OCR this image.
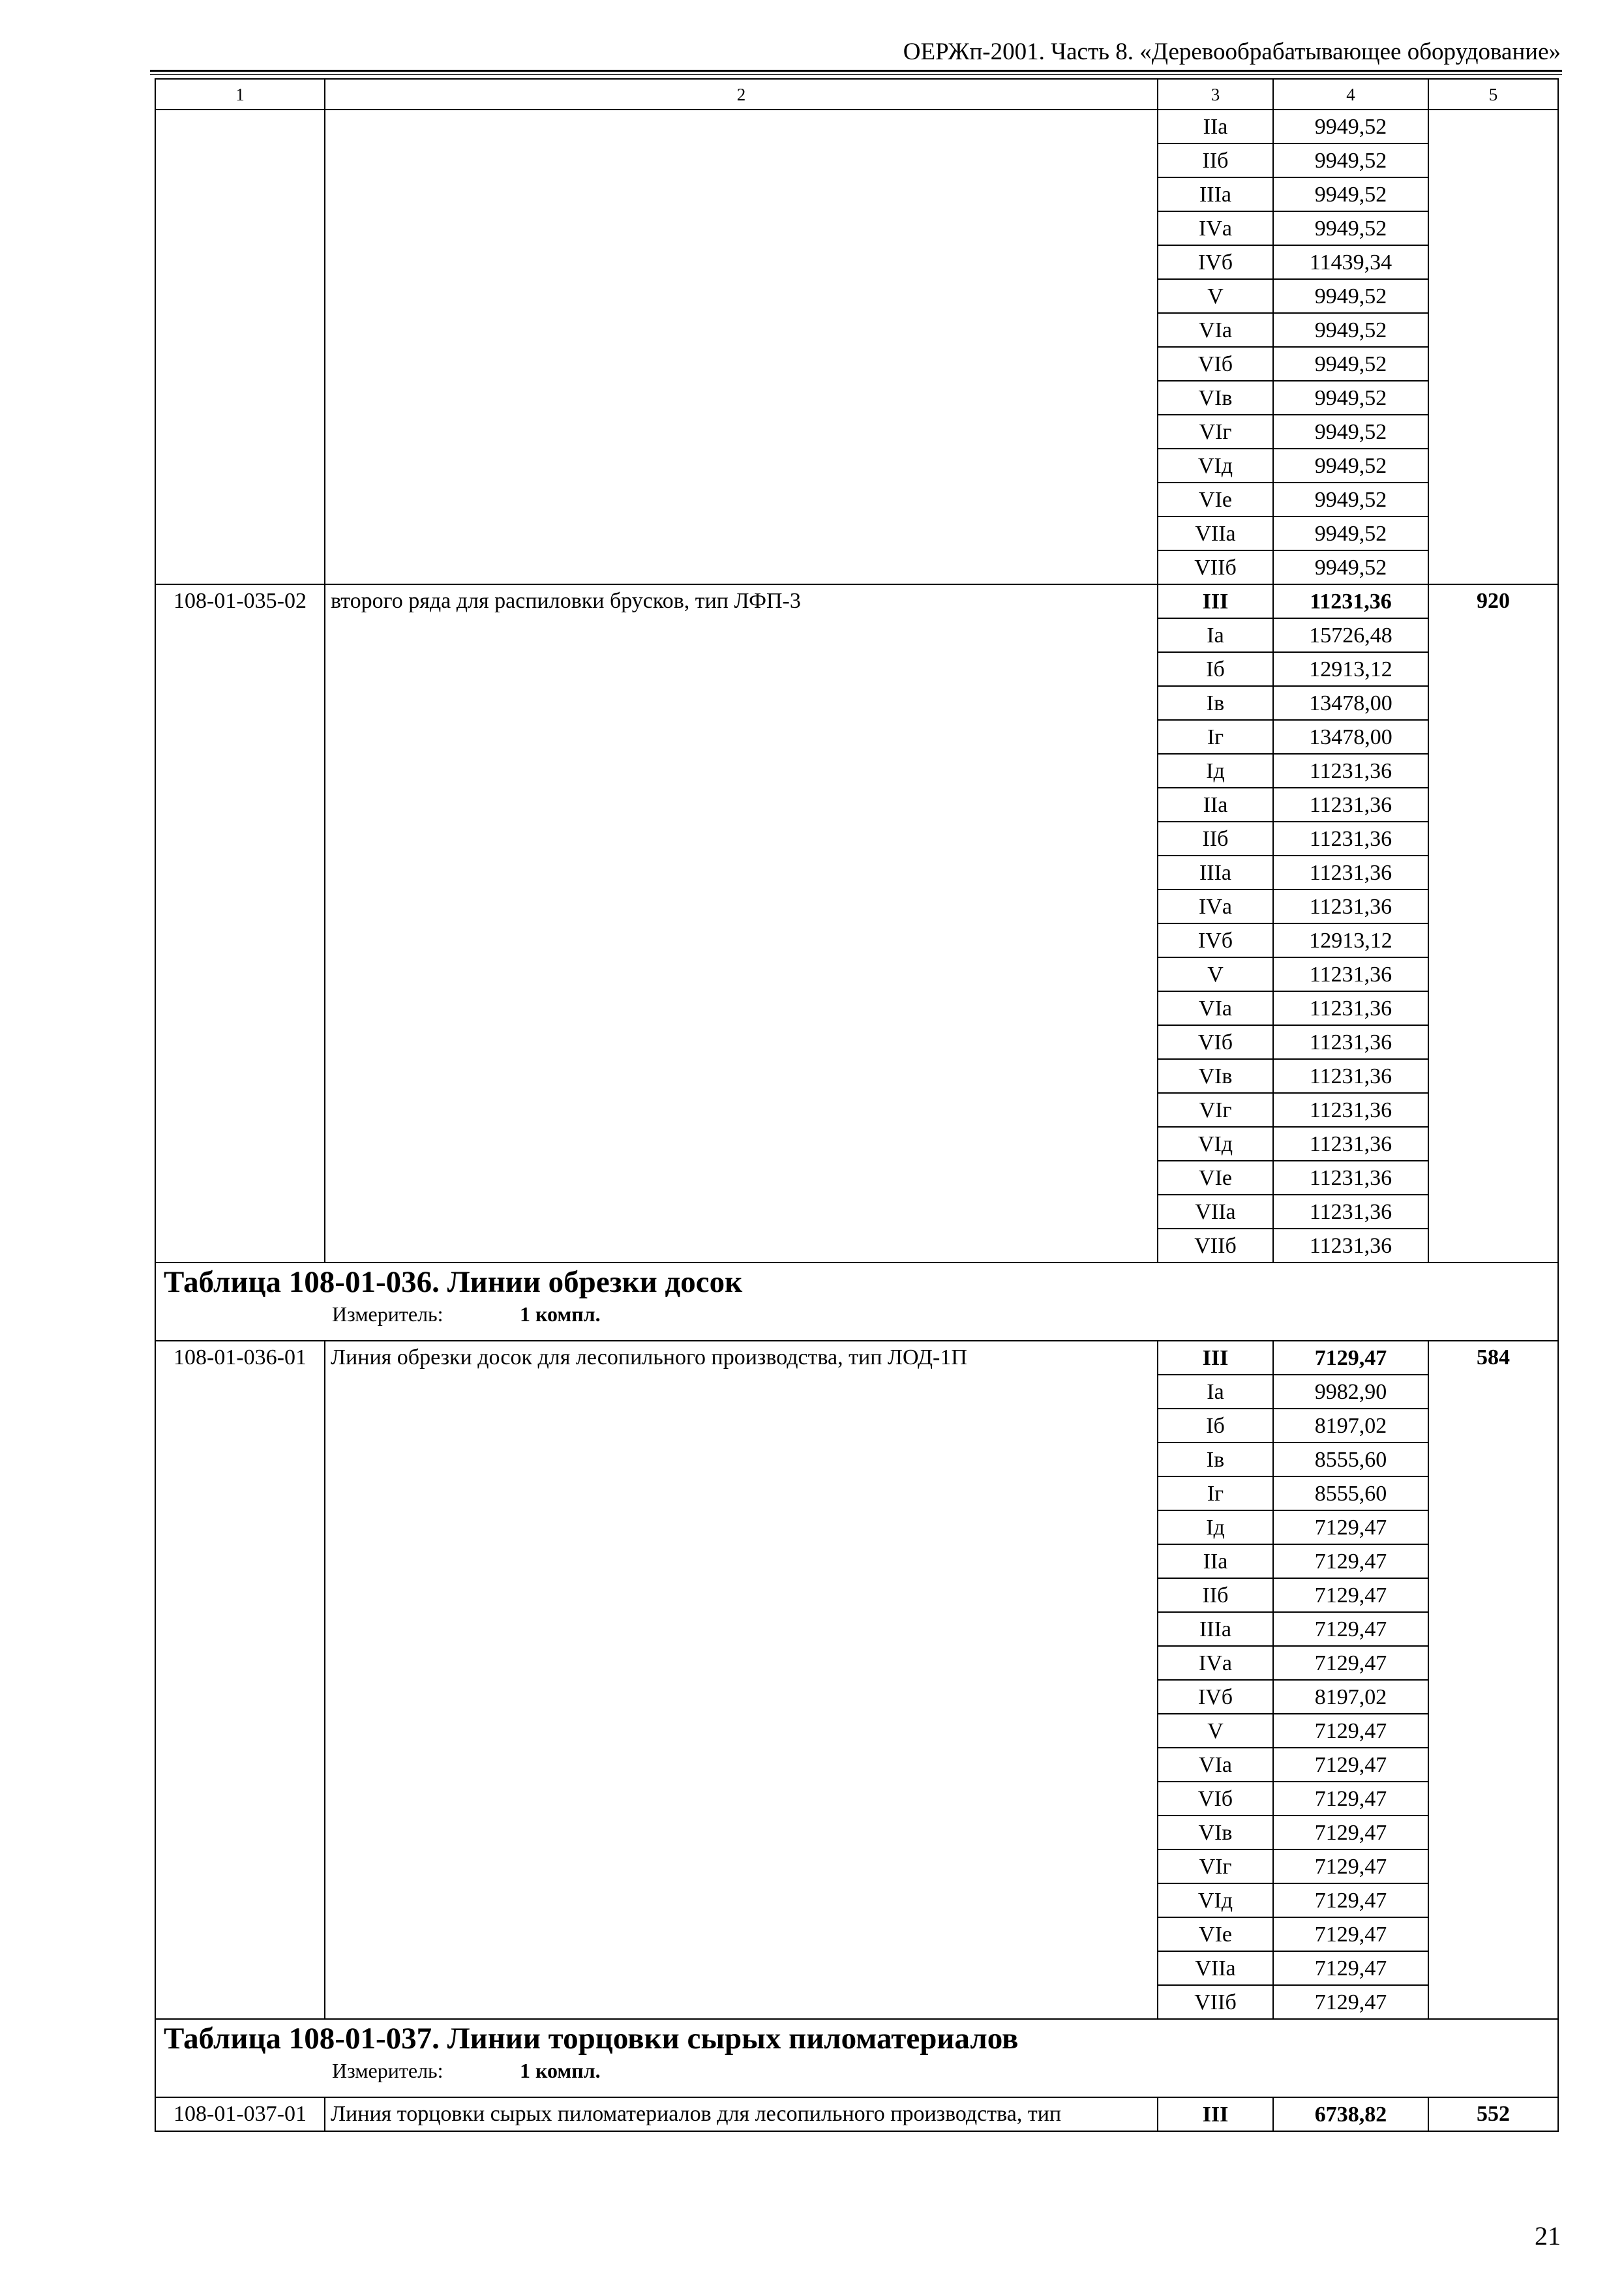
ОЕРЖп-2001. Часть 8. «Деревообрабатывающее оборудование»
1	2	3	4	5
		IIа	9949,52	
		IIб	9949,52	
		IIIа	9949,52	
		IVа	9949,52	
		IVб	11439,34	
		V	9949,52	
		VIа	9949,52	
		VIб	9949,52	
		VIв	9949,52	
		VIг	9949,52	
		VIд	9949,52	
		VIе	9949,52	
		VIIа	9949,52	
		VIIб	9949,52	
108-01-035-02	второго ряда для распиловки брусков, тип ЛФП-3	III	11231,36	920
		Iа	15726,48	
		Iб	12913,12	
		Iв	13478,00	
		Iг	13478,00	
		Iд	11231,36	
		IIа	11231,36	
		IIб	11231,36	
		IIIа	11231,36	
		IVа	11231,36	
		IVб	12913,12	
		V	11231,36	
		VIа	11231,36	
		VIб	11231,36	
		VIв	11231,36	
		VIг	11231,36	
		VIд	11231,36	
		VIе	11231,36	
		VIIа	11231,36	
		VIIб	11231,36	

Таблица 108-01-036. Линии обрезки досок
Измеритель: 1 компл.				

108-01-036-01	Линия обрезки досок для лесопильного производства, тип ЛОД-1П	III	7129,47	584
		Iа	9982,90	
		Iб	8197,02	
		Iв	8555,60	
		Iг	8555,60	
		Iд	7129,47	
		IIа	7129,47	
		IIб	7129,47	
		IIIа	7129,47	
		IVа	7129,47	
		IVб	8197,02	
		V	7129,47	
		VIа	7129,47	
		VIб	7129,47	
		VIв	7129,47	
		VIг	7129,47	
		VIд	7129,47	
		VIе	7129,47	
		VIIа	7129,47	
		VIIб	7129,47	

Таблица 108-01-037. Линии торцовки сырых пиломатериалов
Измеритель: 1 компл.				

108-01-037-01	Линия торцовки сырых пиломатериалов для лесопильного производства, тип	III	6738,82	552
21
